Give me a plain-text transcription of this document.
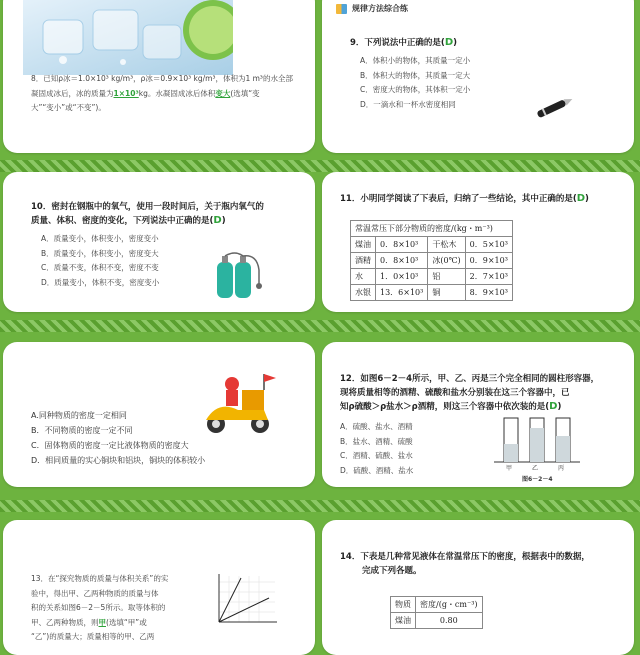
8．已知ρ冰＝1.0×10³ kg/m³，ρ冰＝0.9×10³ kg/m³，体积为1 m³的水全部
凝固成冰后，冰的质量为1×10³kg。水凝固成冰后体积变大(选填“变
大”“变小”或“不变”)。
规律方法综合练
9．下列说法中正确的是(D)
A．体积小的物体，其质量一定小
B．体积大的物体，其质量一定大
C．密度大的物体，其体积一定小
D．一滴水和一杯水密度相同
10．密封在钢瓶中的氧气，使用一段时间后，关于瓶内氧气的
质量、体积、密度的变化，下列说法中正确的是(D)
A．质量变小，体积变小，密度变小
B．质量变小，体积变小，密度变大
C．质量不变，体积不变，密度不变
D．质量变小，体积不变，密度变小
11．小明同学阅读了下表后，归纳了一些结论，其中正确的是(D)
常温常压下部分物质的密度/(kg・m⁻³)			
煤油	0．8×10³	干松木	0．5×10³
酒精	0．8×10³	冰(0℃)	0．9×10³
水	1．0×10³	铝	2．7×10³
水银	13．6×10³	铜	8．9×10³
A.同种物质的密度一定相同
B．不同物质的密度一定不同
C．固体物质的密度一定比液体物质的密度大
D．相同质量的实心铜块和铝块，铜块的体积较小
12．如图6－2－4所示，甲、乙、丙是三个完全相同的圆柱形容器，
现将质量相等的酒精、硫酸和盐水分别装在这三个容器中，已
知ρ硫酸＞ρ盐水＞ρ酒精，则这三个容器中依次装的是(D)
A．硫酸、盐水、酒精
B．盐水、酒精、硫酸
C．酒精、硫酸、盐水
D．硫酸、酒精、盐水	甲	乙	丙
图6－2－4
13．在“探究物质的质量与体积关系”的实
验中，得出甲、乙两种物质的质量与体
积的关系如图6－2－5所示。取等体积的
甲、乙两种物质，则甲(选填“甲”或
“乙”)的质量大；质量相等的甲、乙两
14．下表是几种常见液体在常温常压下的密度，根据表中的数据，
完成下列各题。
物质	密度/(g・cm⁻³)
煤油	0.80
